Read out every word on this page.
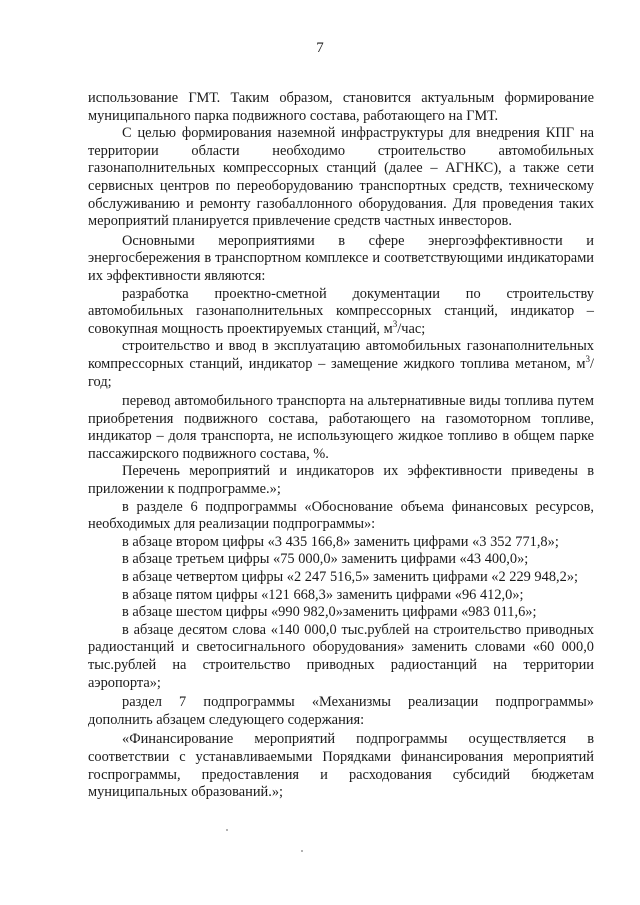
7

использование ГМТ. Таким образом, становится актуальным формирование муниципального парка подвижного состава, работающего на ГМТ.

С целью формирования наземной инфраструктуры для внедрения КПГ на территории области необходимо строительство автомобильных газонаполнительных компрессорных станций (далее – АГНКС), а также сети сервисных центров по переоборудованию транспортных средств, техническому обслуживанию и ремонту газобаллонного оборудования. Для проведения таких мероприятий планируется привлечение средств частных инвесторов.

Основными мероприятиями в сфере энергоэффективности и энергосбережения в транспортном комплексе и соответствующими индикаторами их эффективности являются:

разработка проектно-сметной документации по строительству автомобильных газонаполнительных компрессорных станций, индикатор – совокупная мощность проектируемых станций, $м^3$/час;

строительство и ввод в эксплуатацию автомобильных газонаполнительных компрессорных станций, индикатор – замещение жидкого топлива метаном, $м^3$/год;

перевод автомобильного транспорта на альтернативные виды топлива путем приобретения подвижного состава, работающего на газомоторном топливе, индикатор – доля транспорта, не использующего жидкое топливо в общем парке пассажирского подвижного состава, %.

Перечень мероприятий и индикаторов их эффективности приведены в приложении к подпрограмме.»;

в разделе 6 подпрограммы «Обоснование объема финансовых ресурсов, необходимых для реализации подпрограммы»:

в абзаце втором цифры «3 435 166,8» заменить цифрами «3 352 771,8»;

в абзаце третьем цифры «75 000,0» заменить цифрами «43 400,0»;

в абзаце четвертом цифры «2 247 516,5» заменить цифрами «2 229 948,2»;

в абзаце пятом цифры «121 668,3» заменить цифрами «96 412,0»;

в абзаце шестом цифры «990 982,0»заменить цифрами «983 011,6»;

в абзаце десятом слова «140 000,0 тыс.рублей на строительство приводных радиостанций и светосигнального оборудования» заменить словами «60 000,0 тыс.рублей на строительство приводных радиостанций на территории аэропорта»;

раздел 7 подпрограммы «Механизмы реализации подпрограммы» дополнить абзацем следующего содержания:

«Финансирование мероприятий подпрограммы осуществляется в соответствии с устанавливаемыми Порядками финансирования мероприятий госпрограммы, предоставления и расходования субсидий бюджетам муниципальных образований.»;
